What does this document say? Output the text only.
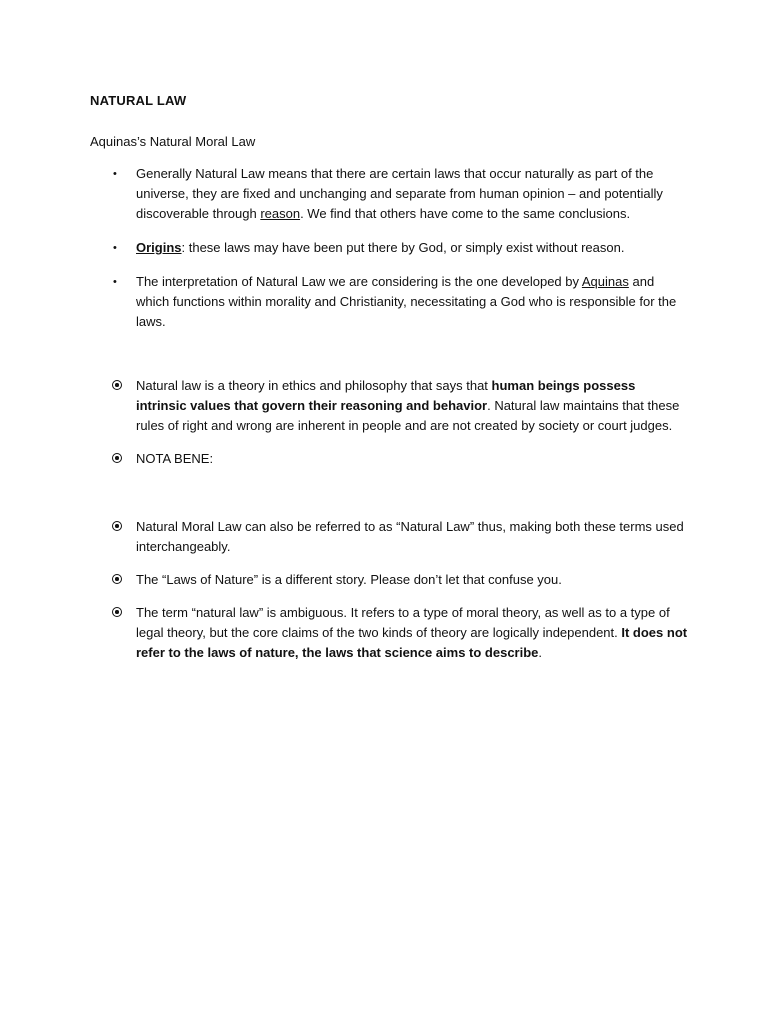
NATURAL LAW
Aquinas’s Natural Moral Law
• Generally Natural Law means that there are certain laws that occur naturally as part of the universe, they are fixed and unchanging and separate from human opinion – and potentially discoverable through reason. We find that others have come to the same conclusions.
• Origins: these laws may have been put there by God, or simply exist without reason.
• The interpretation of Natural Law we are considering is the one developed by Aquinas and which functions within morality and Christianity, necessitating a God who is responsible for the laws.
Natural law is a theory in ethics and philosophy that says that human beings possess intrinsic values that govern their reasoning and behavior. Natural law maintains that these rules of right and wrong are inherent in people and are not created by society or court judges.
NOTA BENE:
Natural Moral Law can also be referred to as “Natural Law” thus, making both these terms used interchangeably.
The “Laws of Nature” is a different story. Please don’t let that confuse you.
The term “natural law” is ambiguous. It refers to a type of moral theory, as well as to a type of legal theory, but the core claims of the two kinds of theory are logically independent. It does not refer to the laws of nature, the laws that science aims to describe.
